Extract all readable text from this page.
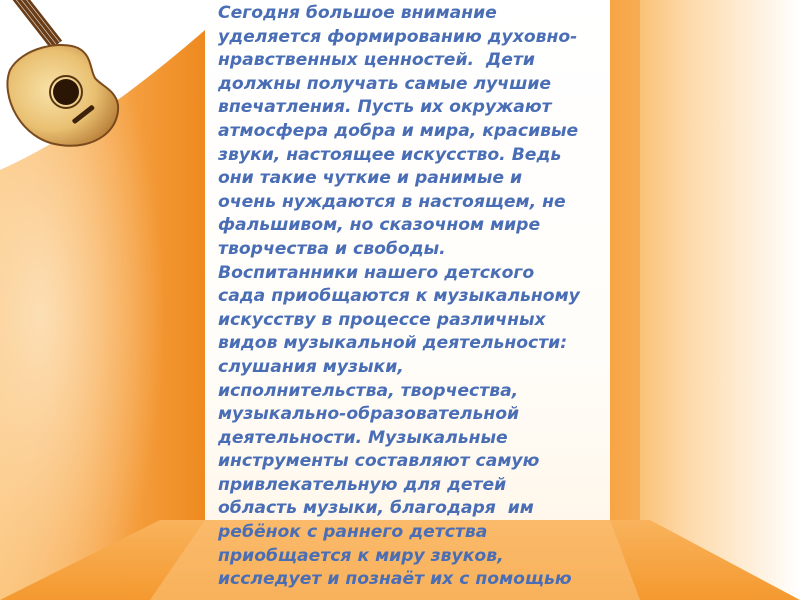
Сегодня большое внимание
уделяется формированию духовно-
нравственных ценностей.  Дети
должны получать самые лучшие
впечатления. Пусть их окружают
атмосфера добра и мира, красивые
звуки, настоящее искусство. Ведь
они такие чуткие и ранимые и
очень нуждаются в настоящем, не
фальшивом, но сказочном мире
творчества и свободы.
Воспитанники нашего детского
сада приобщаются к музыкальному
искусству в процессе различных
видов музыкальной деятельности:
слушания музыки,
исполнительства, творчества,
музыкально-образовательной
деятельности. Музыкальные
инструменты составляют самую
привлекательную для детей
область музыки, благодаря  им
ребёнок с раннего детства
приобщается к миру звуков,
исследует и познаёт их с помощью
